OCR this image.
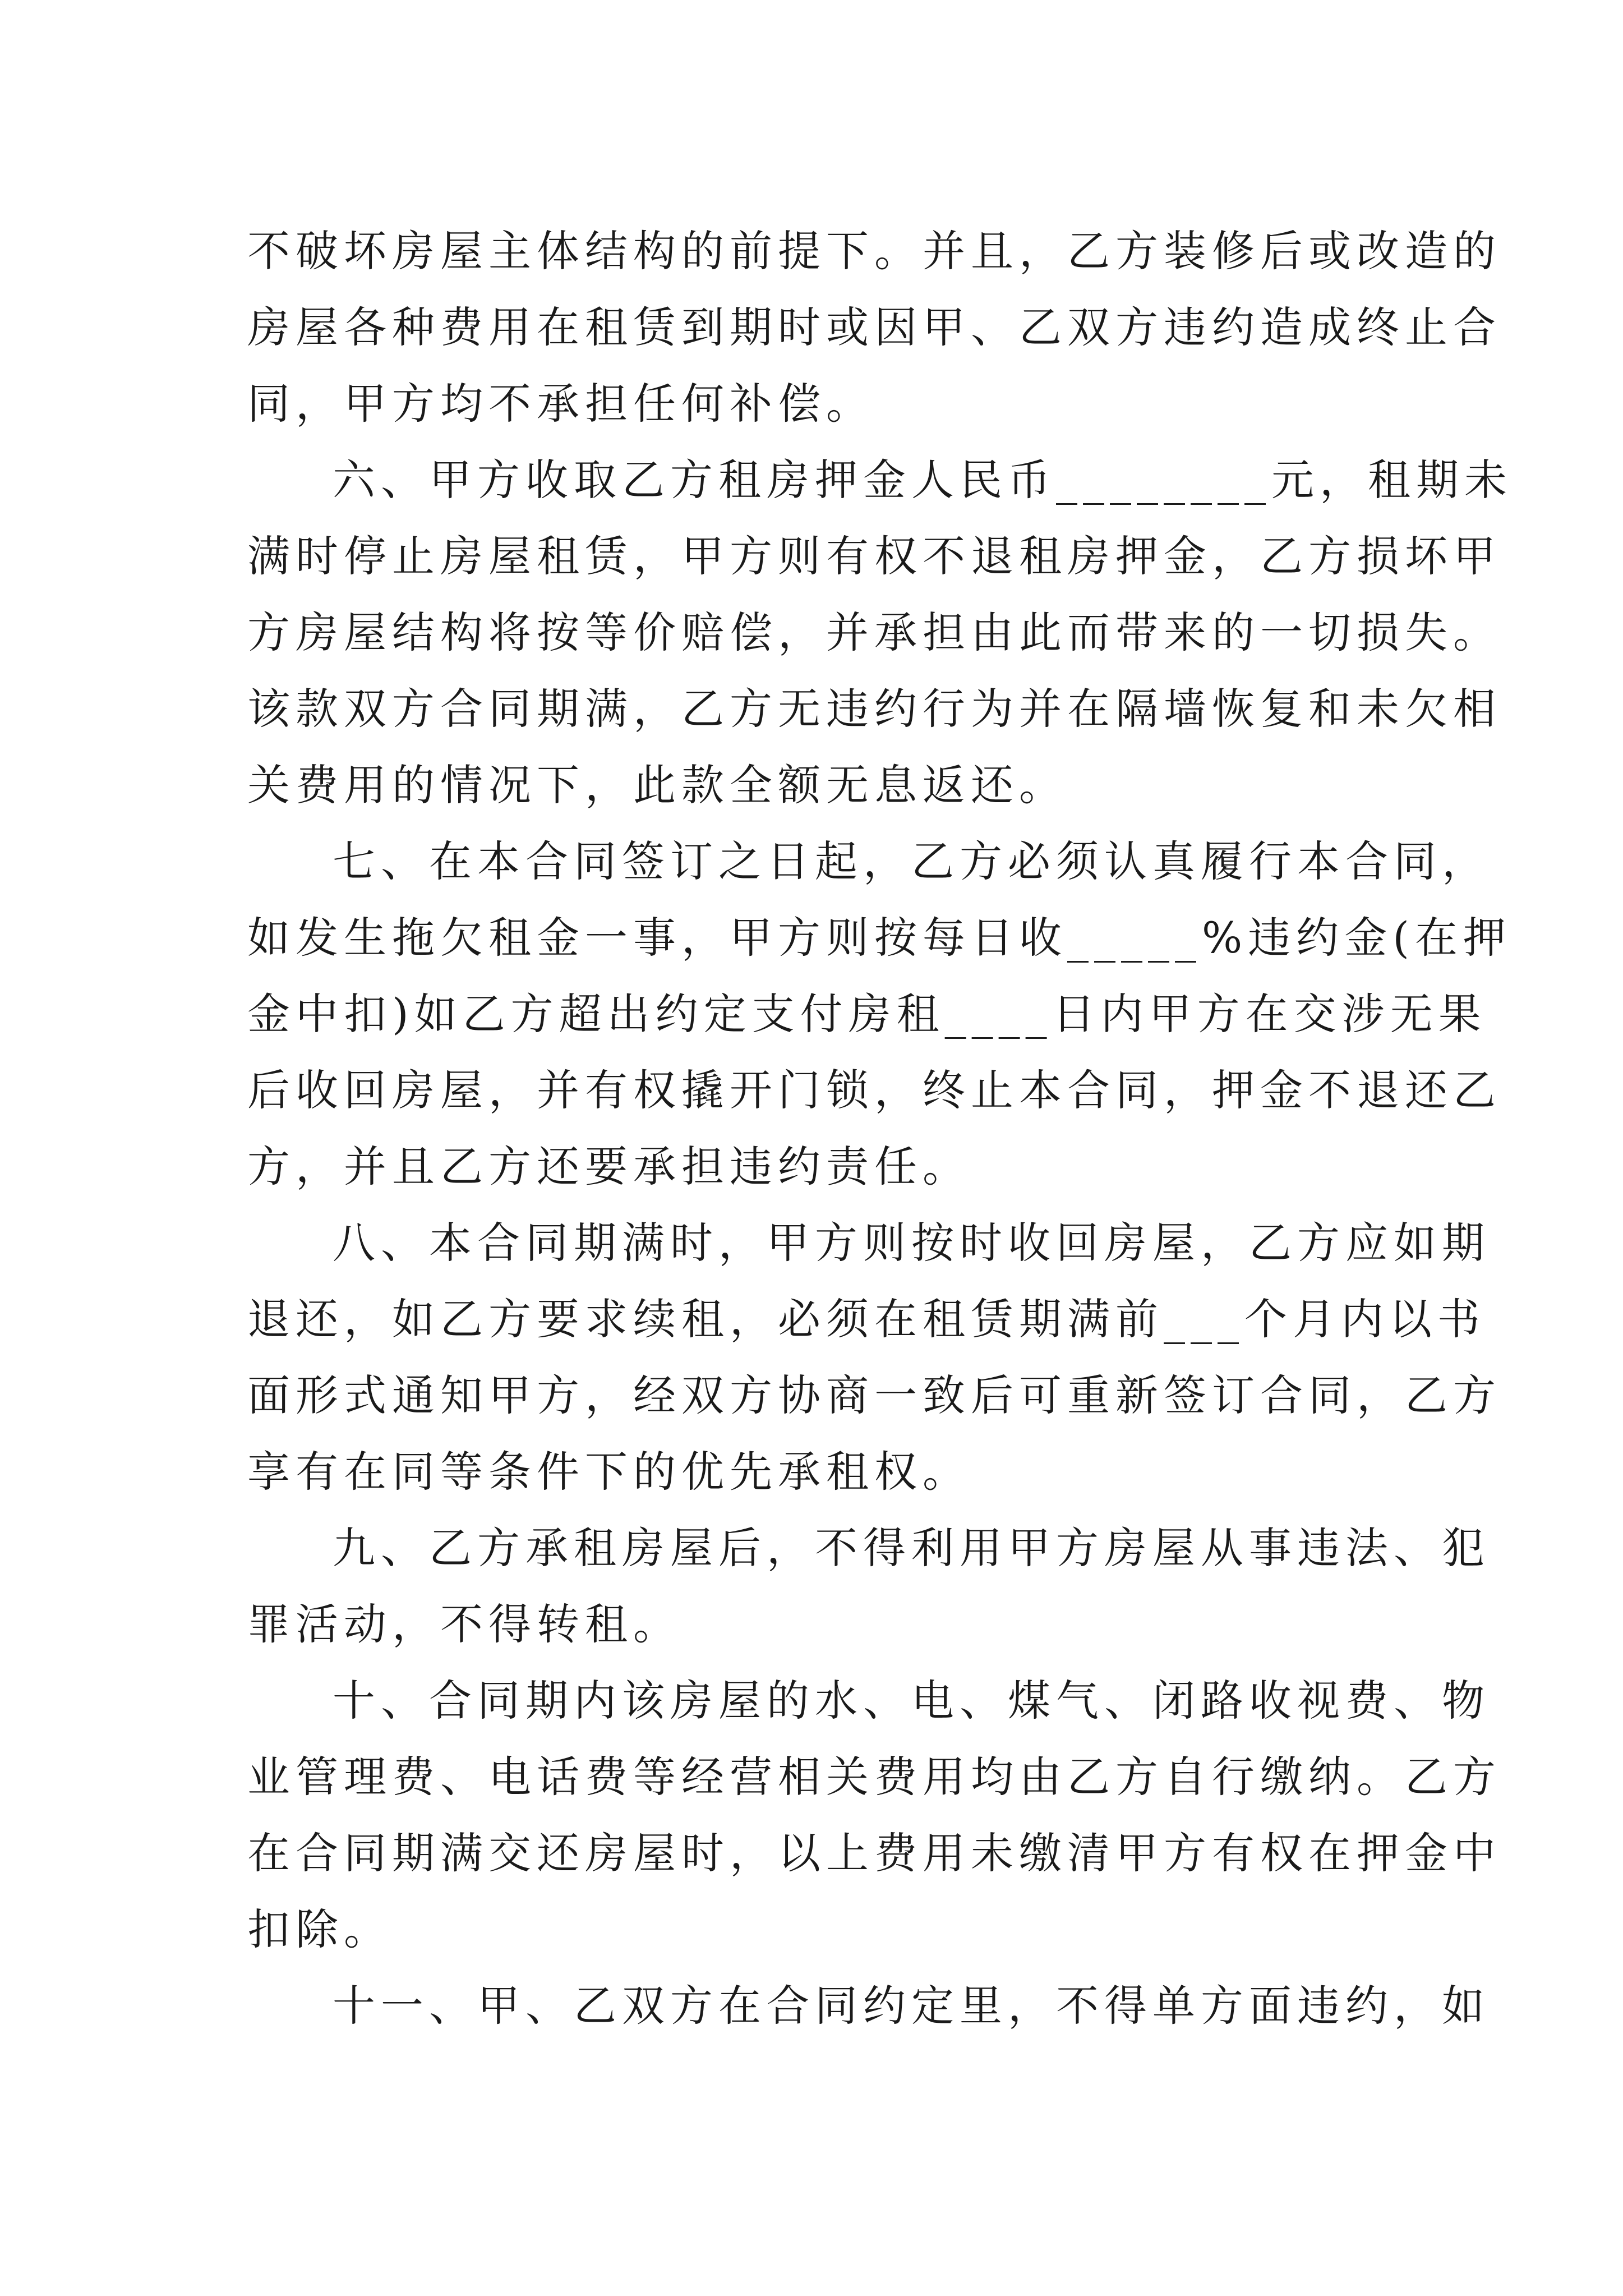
不破坏房屋主体结构的前提下。并且，乙方装修后或改造的
房屋各种费用在租赁到期时或因甲、乙双方违约造成终止合
同，甲方均不承担任何补偿。
六、甲方收取乙方租房押金人民币________元，租期未
满时停止房屋租赁，甲方则有权不退租房押金，乙方损坏甲
方房屋结构将按等价赔偿，并承担由此而带来的一切损失。
该款双方合同期满，乙方无违约行为并在隔墙恢复和未欠相
关费用的情况下，此款全额无息返还。
七、在本合同签订之日起，乙方必须认真履行本合同，
如发生拖欠租金一事，甲方则按每日收_____%违约金(在押
金中扣)如乙方超出约定支付房租____日内甲方在交涉无果
后收回房屋，并有权撬开门锁，终止本合同，押金不退还乙
方，并且乙方还要承担违约责任。
八、本合同期满时，甲方则按时收回房屋，乙方应如期
退还，如乙方要求续租，必须在租赁期满前___个月内以书
面形式通知甲方，经双方协商一致后可重新签订合同，乙方
享有在同等条件下的优先承租权。
九、乙方承租房屋后，不得利用甲方房屋从事违法、犯
罪活动，不得转租。
十、合同期内该房屋的水、电、煤气、闭路收视费、物
业管理费、电话费等经营相关费用均由乙方自行缴纳。乙方
在合同期满交还房屋时，以上费用未缴清甲方有权在押金中
扣除。
十一、甲、乙双方在合同约定里，不得单方面违约，如
